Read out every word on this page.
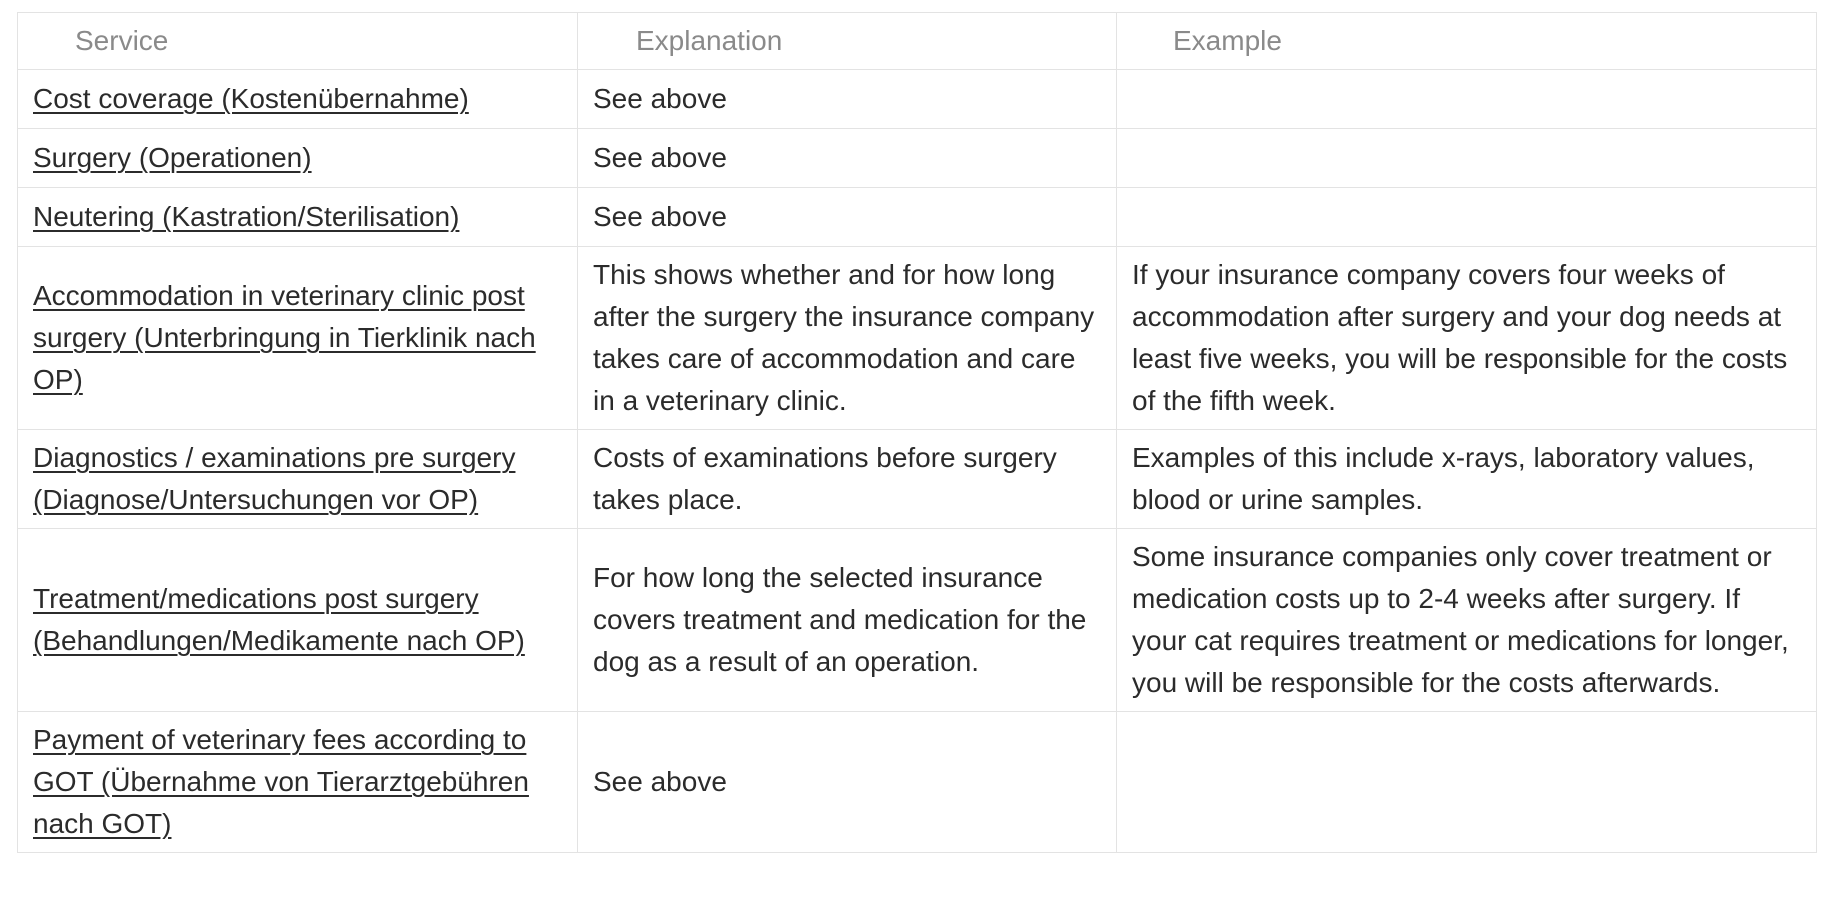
Service	Explanation	Example
Cost coverage (Kostenübernahme)	See above	
Surgery (Operationen)	See above	
Neutering (Kastration/Sterilisation)	See above	
Accommodation in veterinary clinic post surgery (Unterbringung in Tierklinik nach OP)	This shows whether and for how long after the surgery the insurance company takes care of accommodation and care in a veterinary clinic.	If your insurance company covers four weeks of accommodation after surgery and your dog needs at least five weeks, you will be responsible for the costs of the fifth week.
Diagnostics / examinations pre surgery (Diagnose/Untersuchungen vor OP)	Costs of examinations before surgery takes place.	Examples of this include x-rays, laboratory values, blood or urine samples.
Treatment/medications post surgery (Behandlungen/Medikamente nach OP)	For how long the selected insurance covers treatment and medication for the dog as a result of an operation.	Some insurance companies only cover treatment or medication costs up to 2-4 weeks after surgery. If your cat requires treatment or medications for longer, you will be responsible for the costs afterwards.
Payment of veterinary fees according to GOT (Übernahme von Tierarztgebühren nach GOT)	See above	
